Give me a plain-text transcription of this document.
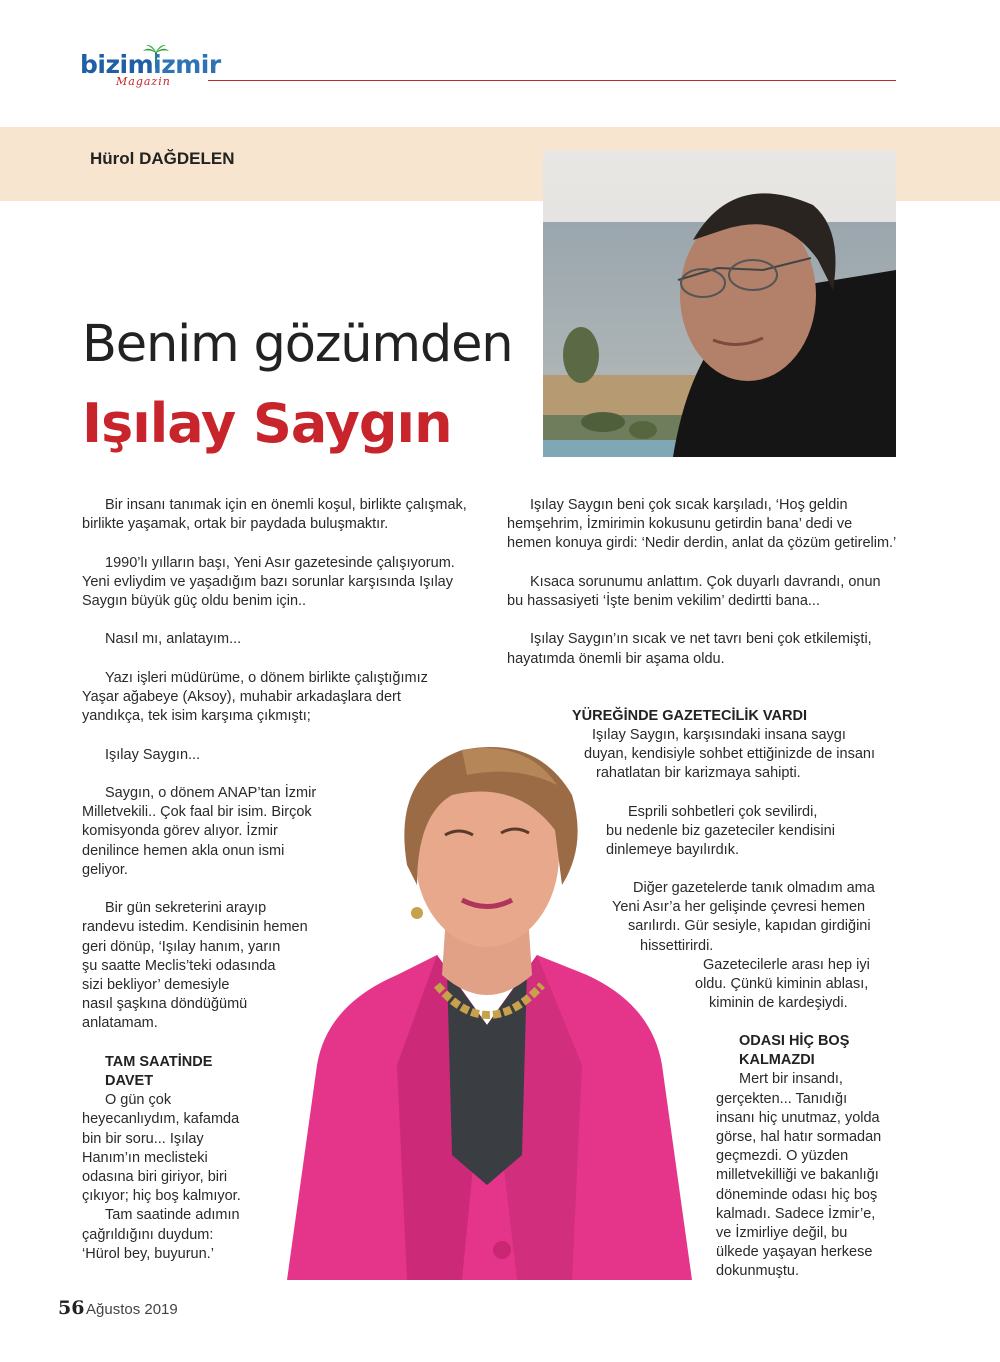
bizimizmir
Magazin
Hürol DAĞDELEN
Benim gözümden
Işılay Saygın

Bir insanı tanımak için en önemli koşul, birlikte çalışmak, birlikte yaşamak, ortak bir paydada buluşmaktır.

1990’lı yılların başı, Yeni Asır gazetesinde çalışıyorum. Yeni evliydim ve yaşadığım bazı sorunlar karşısında Işılay Saygın büyük güç oldu benim için..

Nasıl mı, anlatayım...

Yazı işleri müdürüme, o dönem birlikte çalıştığımız Yaşar ağabeye (Aksoy), muhabir arkadaşlara dert yandıkça, tek isim karşıma çıkmıştı;

Işılay Saygın...

Saygın, o dönem ANAP’tan İzmir
Milletvekili.. Çok faal bir isim. Birçok
komisyonda görev alıyor. İzmir
denilince hemen akla onun ismi
geliyor.

Bir gün sekreterini arayıp
randevu istedim. Kendisinin hemen
geri dönüp, ‘Işılay hanım, yarın
şu saatte Meclis’teki odasında
sizi bekliyor’ demesiyle
nasıl şaşkına döndüğümü
anlatamam.

TAM SAATİNDE
DAVET

O gün çok
heyecanlıydım, kafamda
bin bir soru... Işılay
Hanım’ın meclisteki
odasına biri giriyor, biri
çıkıyor; hiç boş kalmıyor.

Tam saatinde adımın
çağrıldığını duydum:
‘Hürol bey, buyurun.’

Işılay Saygın beni çok sıcak karşıladı, ‘Hoş geldin hemşehrim, İzmirimin kokusunu getirdin bana’ dedi ve hemen konuya girdi: ‘Nedir derdin, anlat da çözüm getirelim.’

Kısaca sorunumu anlattım. Çok duyarlı davrandı, onun bu hassasiyeti ‘İşte benim vekilim’ dedirtti bana...

Işılay Saygın’ın sıcak ve net tavrı beni çok etkilemişti, hayatımda önemli bir aşama oldu.

YÜREĞİNDE GAZETECİLİK VARDI
Işılay Saygın, karşısındaki insana saygı
duyan, kendisiyle sohbet ettiğinizde de insanı
rahatlatan bir karizmaya sahipti.
Esprili sohbetleri çok sevilirdi,
bu nedenle biz gazeteciler kendisini
dinlemeye bayılırdık.
Diğer gazetelerde tanık olmadım ama
Yeni Asır’a her gelişinde çevresi hemen
sarılırdı. Gür sesiyle, kapıdan girdiğini
hissettirirdi.
Gazetecilerle arası hep iyi
oldu. Çünkü kiminin ablası,
kiminin de kardeşiydi.
ODASI HİÇ BOŞ
KALMAZDI
Mert bir insandı,
gerçekten... Tanıdığı
insanı hiç unutmaz, yolda
görse, hal hatır sormadan
geçmezdi. O yüzden
milletvekilliği ve bakanlığı
döneminde odası hiç boş
kalmadı. Sadece İzmir’e,
ve İzmirliye değil, bu
ülkede yaşayan herkese
dokunmuştu.
56 Ağustos 2019
